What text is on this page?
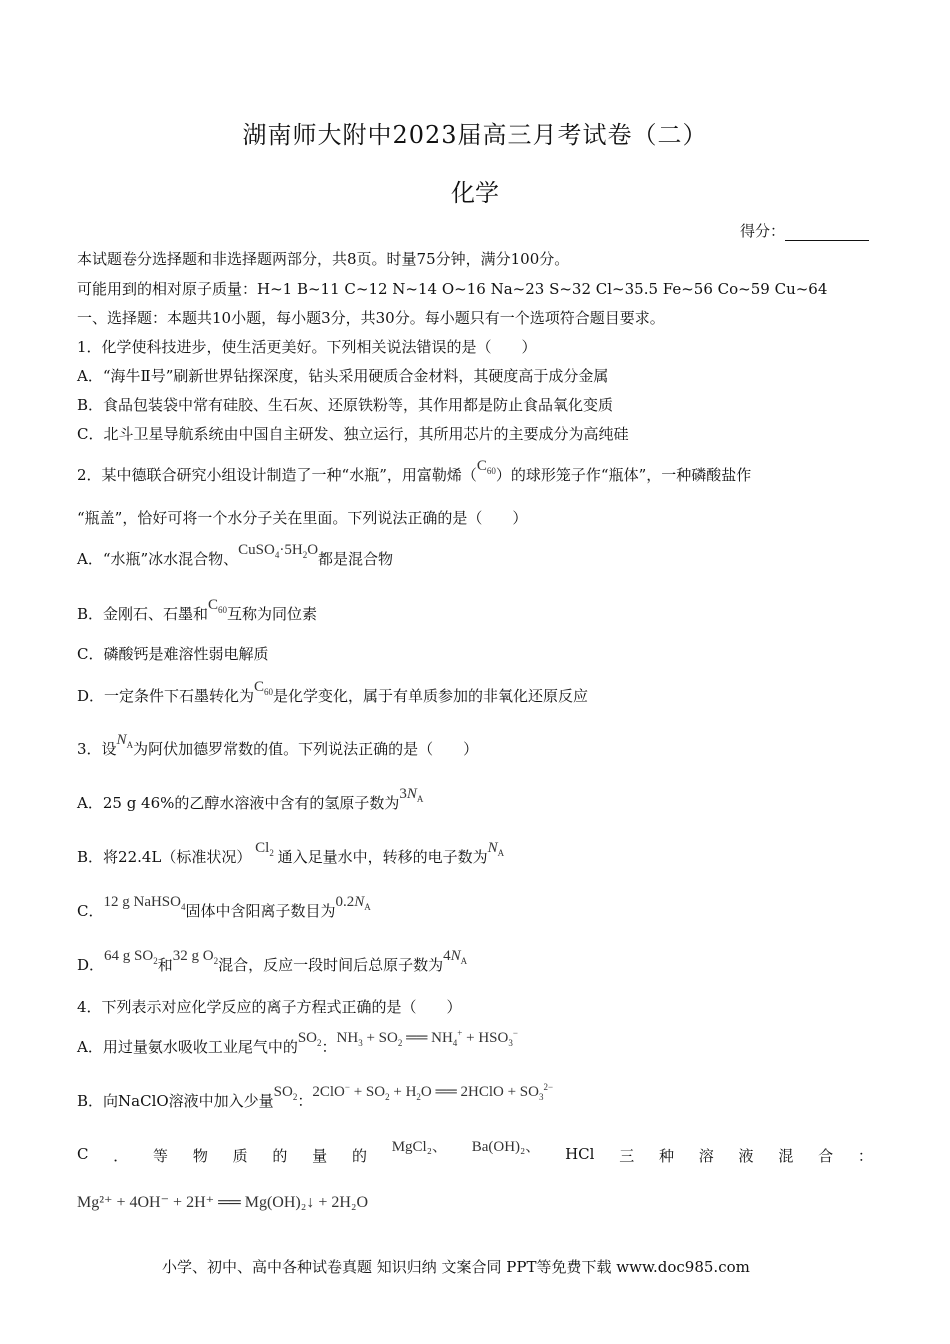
湖南师大附中2023届高三月考试卷（二）
化学
得分：
本试题卷分选择题和非选择题两部分，共8页。时量75分钟，满分100分。
可能用到的相对原子质量：H~1 B~11 C~12 N~14 O~16 Na~23 S~32 Cl~35.5 Fe~56 Co~59 Cu~64
一、选择题：本题共10小题，每小题3分，共30分。每小题只有一个选项符合题目要求。
1．化学使科技进步，使生活更美好。下列相关说法错误的是（　　）
A．“海牛Ⅱ号”刷新世界钻探深度，钻头采用硬质合金材料，其硬度高于成分金属
B．食品包装袋中常有硅胶、生石灰、还原铁粉等，其作用都是防止食品氧化变质
C．北斗卫星导航系统由中国自主研发、独立运行，其所用芯片的主要成分为高纯硅
2．某中德联合研究小组设计制造了一种“水瓶”，用富勒烯$(C_{60})$的球形笼子作“瓶体”，一种磷酸盐作
“瓶盖”，恰好可将一个水分子关在里面。下列说法正确的是（　　）
A．“水瓶”冰水混合物、$CuSO_4\cdot 5H_2O$都是混合物
B．金刚石、石墨和$C_{60}$互称为同位素
C．磷酸钙是难溶性弱电解质
D．一定条件下石墨转化为$C_{60}$是化学变化，属于有单质参加的非氧化还原反应
3．设$N_A$为阿伏加德罗常数的值。下列说法正确的是（　　）
A．25 g 46%的乙醇水溶液中含有的氢原子数为$3N_A$
B．将22.4L（标准状况） $Cl_2$ 通入足量水中，转移的电子数为$N_A$
C．12 g NaHSO$_4$固体中含阳离子数目为$0.2N_A$
D．64 g $SO_2$和32 g $O_2$混合，反应一段时间后总原子数为$4N_A$
4．下列表示对应化学反应的离子方程式正确的是（　　）
A．用过量氨水吸收工业尾气中的$SO_2$：$NH_3 + SO_2$ ══ $NH_4^+ + HSO_3^-$
B．向NaClO溶液中加入少量$SO_2$：$2ClO^- + SO_2 + H_2O$ ══ 2HClO + $SO_3^{2-}$
C ． 等 物 质 的 量 的 MgCl₂、 Ba(OH)₂、 HCl 三 种 溶 液 混 合 ：
Mg²⁺ + 4OH⁻ + 2H⁺ ══ Mg(OH)₂↓ + 2H₂O
小学、初中、高中各种试卷真题 知识归纳 文案合同 PPT等免费下载 www.doc985.com
